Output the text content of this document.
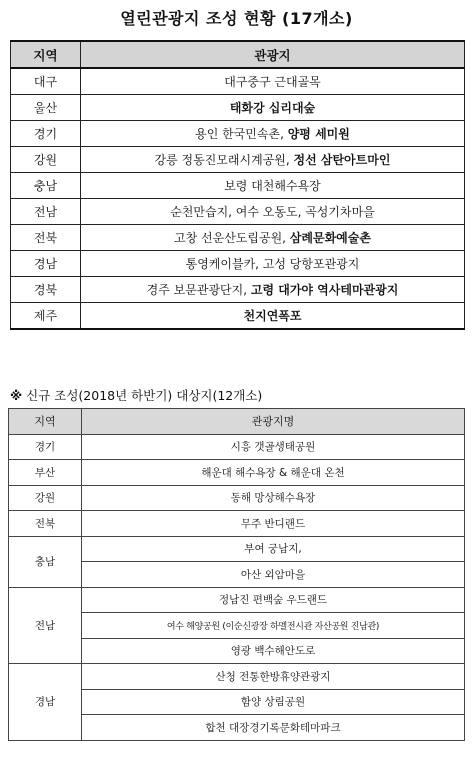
열린관광지 조성 현황 (17개소)
지역	관광지
대구	대구중구 근대골목
울산	태화강 십리대숲
경기	용인 한국민속촌, 양평 세미원
강원	강릉 정동진모래시계공원, 정선 삼탄아트마인
충남	보령 대천해수욕장
전남	순천만습지, 여수 오동도, 곡성기차마을
전북	고창 선운산도립공원, 삼례문화예술촌
경남	통영케이블카, 고성 당항포관광지
경북	경주 보문관광단지, 고령 대가야 역사테마관광지
제주	천지연폭포
※ 신규 조성(2018년 하반기) 대상지(12개소)
지역	관광지명
경기	시흥 갯골생태공원
부산	해운대 해수욕장 & 해운대 온천
강원	동해 망상해수욕장
전북	무주 반디랜드
충남	부여 궁남지,
	아산 외암마을
전남	정남진 편백숲 우드랜드
	여수 해양공원 (이순신광장 하멜전시관 자산공원 진남관)
	영광 백수해안도로
경남	산청 전통한방휴양관광지
	함양 상림공원
	합천 대장경기록문화테마파크
